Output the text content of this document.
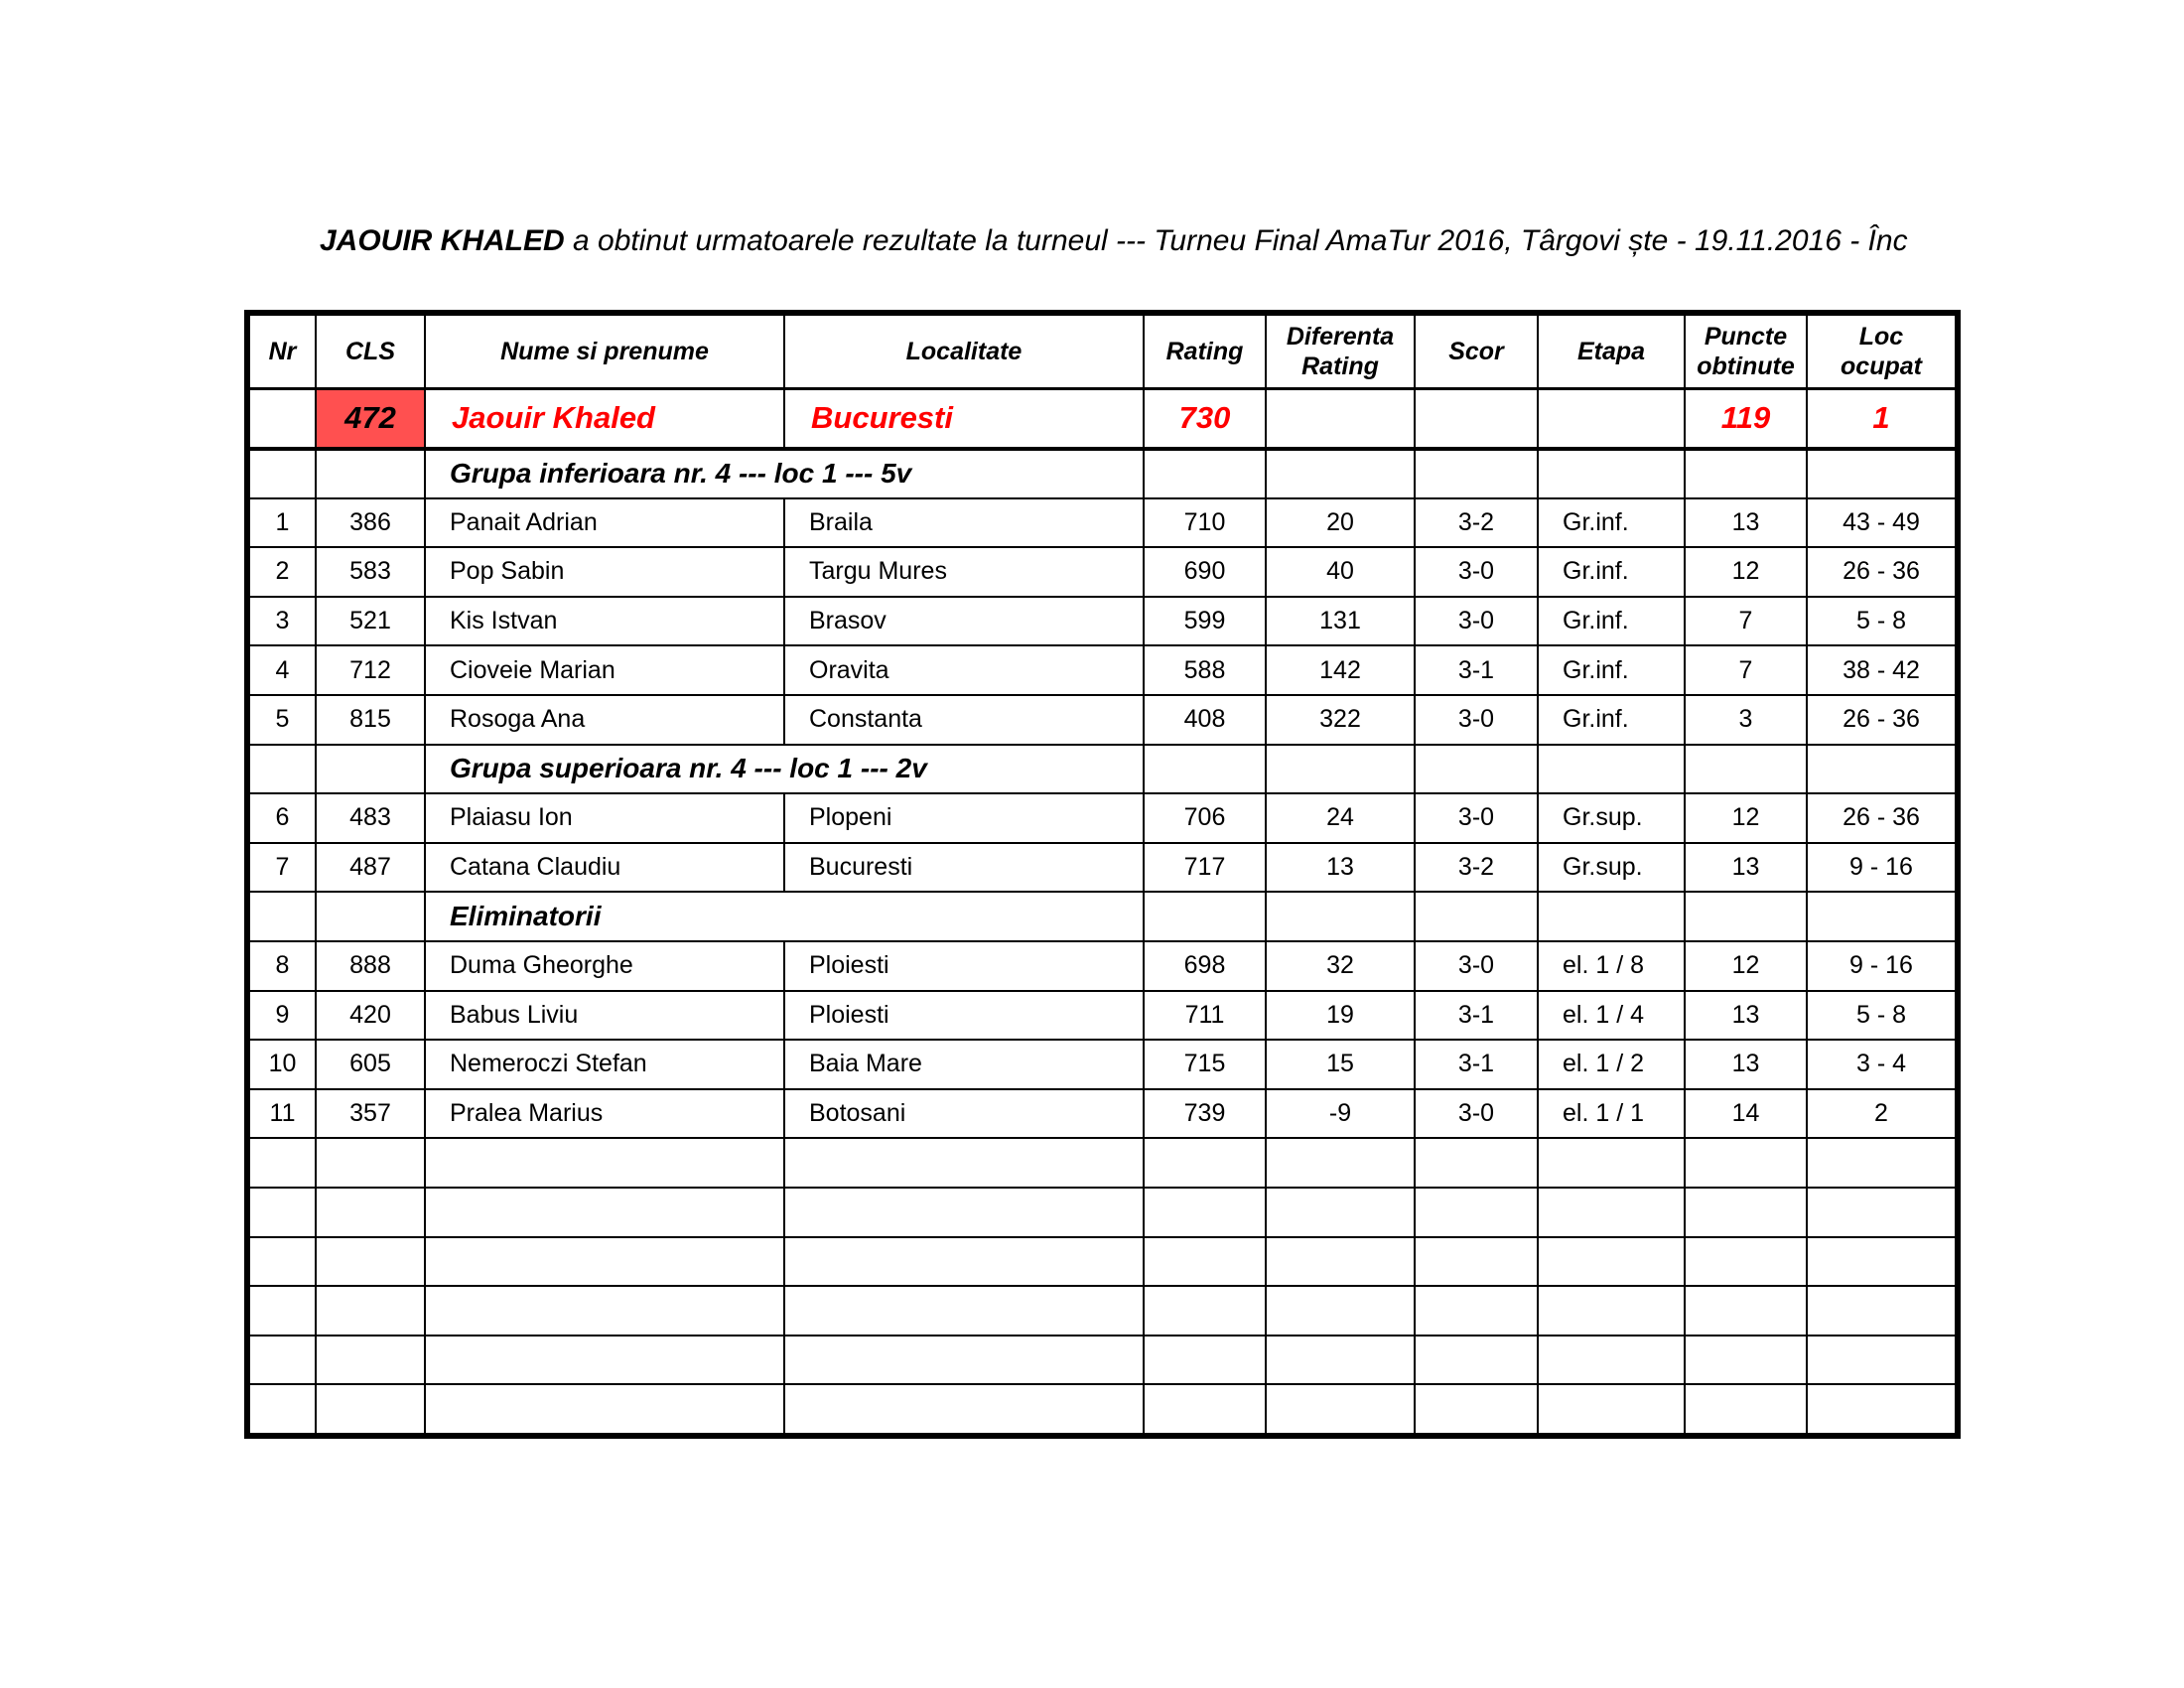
JAOUIR KHALED a obtinut urmatoarele rezultate la turneul --- Turneu Final AmaTur 2016, Târgovi ște - 19.11.2016 - Înc
Nr	CLS	Nume si prenume	Localitate	Rating	Diferenta Rating	Scor	Etapa	Puncte obtinute	Loc ocupat
	472	Jaouir Khaled	Bucuresti	730				119	1
		Grupa inferioara nr. 4 --- loc 1 --- 5v							
1	386	Panait Adrian	Braila	710	20	3-2	Gr.inf.	13	43 - 49
2	583	Pop Sabin	Targu Mures	690	40	3-0	Gr.inf.	12	26 - 36
3	521	Kis Istvan	Brasov	599	131	3-0	Gr.inf.	7	5 - 8
4	712	Cioveie Marian	Oravita	588	142	3-1	Gr.inf.	7	38 - 42
5	815	Rosoga Ana	Constanta	408	322	3-0	Gr.inf.	3	26 - 36
		Grupa superioara nr. 4 --- loc 1 --- 2v							
6	483	Plaiasu Ion	Plopeni	706	24	3-0	Gr.sup.	12	26 - 36
7	487	Catana Claudiu	Bucuresti	717	13	3-2	Gr.sup.	13	9 - 16
		Eliminatorii							
8	888	Duma Gheorghe	Ploiesti	698	32	3-0	el. 1 / 8	12	9 - 16
9	420	Babus Liviu	Ploiesti	711	19	3-1	el. 1 / 4	13	5 - 8
10	605	Nemeroczi Stefan	Baia Mare	715	15	3-1	el. 1 / 2	13	3 - 4
11	357	Pralea Marius	Botosani	739	-9	3-0	el. 1 / 1	14	2
